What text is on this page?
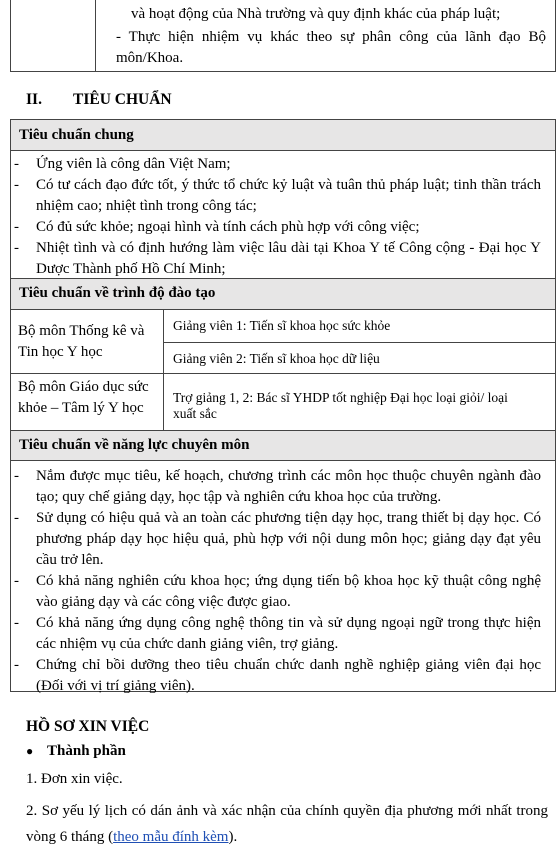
và hoạt động của Nhà trường và quy định khác của pháp luật;
- Thực hiện nhiệm vụ khác theo sự phân công của lãnh đạo Bộ môn/Khoa.
II. TIÊU CHUẨN
Tiêu chuẩn chung
- Ứng viên là công dân Việt Nam;
- Có tư cách đạo đức tốt, ý thức tổ chức kỷ luật và tuân thủ pháp luật; tinh thần trách nhiệm cao; nhiệt tình trong công tác;
- Có đủ sức khỏe; ngoại hình và tính cách phù hợp với công việc;
- Nhiệt tình và có định hướng làm việc lâu dài tại Khoa Y tế Công cộng - Đại học Y Dược Thành phố Hồ Chí Minh;
Tiêu chuẩn về trình độ đào tạo
Bộ môn Thống kê và Tin học Y học
Giảng viên 1: Tiến sĩ khoa học sức khỏe
Giảng viên 2: Tiến sĩ khoa học dữ liệu
Bộ môn Giáo dục sức khỏe – Tâm lý Y học
Trợ giảng 1, 2: Bác sĩ YHDP tốt nghiệp Đại học loại giỏi/ loại xuất sắc
Tiêu chuẩn về năng lực chuyên môn
- Nắm được mục tiêu, kế hoạch, chương trình các môn học thuộc chuyên ngành đào tạo; quy chế giảng dạy, học tập và nghiên cứu khoa học của trường.
- Sử dụng có hiệu quả và an toàn các phương tiện dạy học, trang thiết bị dạy học. Có phương pháp dạy học hiệu quả, phù hợp với nội dung môn học; giảng dạy đạt yêu cầu trở lên.
- Có khả năng nghiên cứu khoa học; ứng dụng tiến bộ khoa học kỹ thuật công nghệ vào giảng dạy và các công việc được giao.
- Có khả năng ứng dụng công nghệ thông tin và sử dụng ngoại ngữ trong thực hiện các nhiệm vụ của chức danh giảng viên, trợ giảng.
- Chứng chỉ bồi dưỡng theo tiêu chuẩn chức danh nghề nghiệp giảng viên đại học (Đối với vị trí giảng viên).
HỒ SƠ XIN VIỆC
● Thành phần
1. Đơn xin việc.
2. Sơ yếu lý lịch có dán ảnh và xác nhận của chính quyền địa phương mới nhất trong vòng 6 tháng (theo mẫu đính kèm).
